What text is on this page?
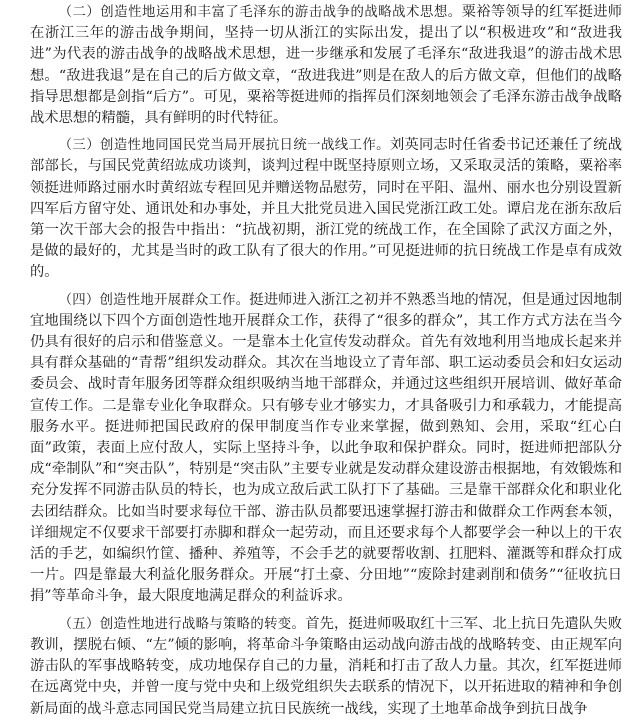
（二）创造性地运用和丰富了毛泽东的游击战争的战略战术思想。粟裕等领导的红军挺进师在浙江三年的游击战争期间，坚持一切从浙江的实际出发，提出了以“积极进攻”和“敌进我进”为代表的游击战争的战略战术思想，进一步继承和发展了毛泽东“敌进我退”的游击战术思想。“敌进我退”是在自己的后方做文章，“敌进我进”则是在敌人的后方做文章，但他们的战略指导思想都是剑指“后方”。可见，粟裕等挺进师的指挥员们深刻地领会了毛泽东游击战争战略战术思想的精髓，具有鲜明的时代特征。

（三）创造性地同国民党当局开展抗日统一战线工作。刘英同志时任省委书记还兼任了统战部部长，与国民党黄绍竑成功谈判，谈判过程中既坚持原则立场，又采取灵活的策略，粟裕率领挺进师路过丽水时黄绍竑专程回见并赠送物品慰劳，同时在平阳、温州、丽水也分别设置新四军后方留守处、通讯处和办事处，并且大批党员进入国民党浙江政工处。谭启龙在浙东敌后第一次干部大会的报告中指出：“抗战初期，浙江党的统战工作，在全国除了武汉方面之外，是做的最好的，尤其是当时的政工队有了很大的作用。”可见挺进师的抗日统战工作是卓有成效的。

（四）创造性地开展群众工作。挺进师进入浙江之初并不熟悉当地的情况，但是通过因地制宜地围绕以下四个方面创造性地开展群众工作，获得了“很多的群众”，其工作方式方法在当今仍具有很好的启示和借鉴意义。一是靠本土化宣传发动群众。首先有效地利用当地成长起来并具有群众基础的“青帮”组织发动群众。其次在当地设立了青年部、职工运动委员会和妇女运动委员会、战时青年服务团等群众组织吸纳当地干部群众，并通过这些组织开展培训、做好革命宣传工作。二是靠专业化争取群众。只有够专业才够实力，才具备吸引力和承载力，才能提高服务水平。挺进师把国民政府的保甲制度当作专业来掌握，做到熟知、会用，采取“红心白面”政策，表面上应付敌人，实际上坚持斗争，以此争取和保护群众。同时，挺进师把部队分成“牵制队”和“突击队”，特别是“突击队”主要专业就是发动群众建设游击根据地，有效锻炼和充分发挥不同游击队员的特长，也为成立敌后武工队打下了基础。三是靠干部群众化和职业化去团结群众。比如当时要求每位干部、游击队员都要迅速掌握打游击和做群众工作两套本领，详细规定不仅要求干部要打赤脚和群众一起劳动，而且还要求每个人都要学会一种以上的干农活的手艺，如编织竹筐、播种、养殖等，不会手艺的就要帮收割、扛肥料、灌溉等和群众打成一片。四是靠最大利益化服务群众。开展“打土豪、分田地”“废除封建剥削和债务”“征收抗日捐”等革命斗争，最大限度地满足群众的利益诉求。

（五）创造性地进行战略与策略的转变。首先，挺进师吸取红十三军、北上抗日先遣队失败教训，摆脱右倾、“左”倾的影响，将革命斗争策略由运动战向游击战的战略转变、由正规军向游击队的军事战略转变，成功地保存自己的力量，消耗和打击了敌人力量。其次，红军挺进师在远离党中央，并曾一度与党中央和上级党组织失去联系的情况下，以开拓进取的精神和争创新局面的战斗意志同国民党当局建立抗日民族统一战线，实现了土地革命战争到抗日战争
